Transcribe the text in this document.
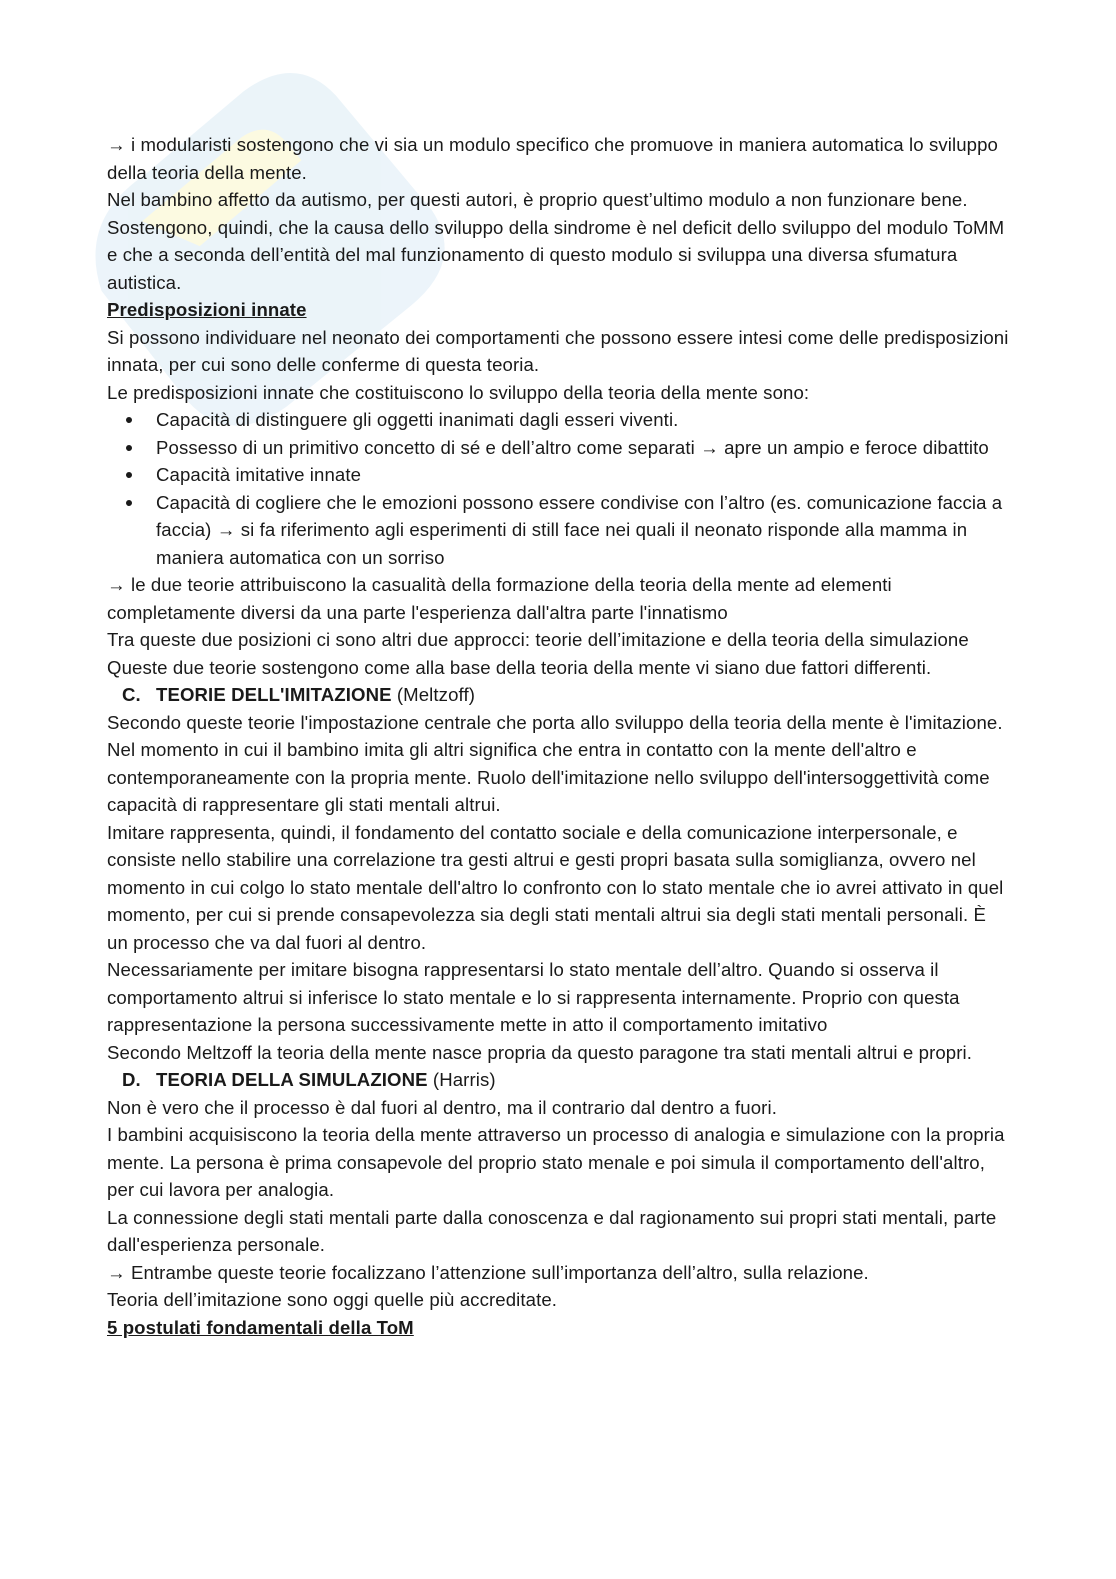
→ i modularisti sostengono che vi sia un modulo specifico che promuove in maniera automatica lo sviluppo della teoria della mente.

Nel bambino affetto da autismo, per questi autori, è proprio quest’ultimo modulo a non funzionare bene. Sostengono, quindi, che la causa dello sviluppo della sindrome è nel deficit dello sviluppo del modulo ToMM e che a seconda dell’entità del mal funzionamento di questo modulo si sviluppa una diversa sfumatura autistica.

Predisposizioni innate

Si possono individuare nel neonato dei comportamenti che possono essere intesi come delle predisposizioni innata, per cui sono delle conferme di questa teoria.

Le predisposizioni innate che costituiscono lo sviluppo della teoria della mente sono:

Capacità di distinguere gli oggetti inanimati dagli esseri viventi.
Possesso di un primitivo concetto di sé e dell’altro come separati → apre un ampio e feroce dibattito
Capacità imitative innate
Capacità di cogliere che le emozioni possono essere condivise con l’altro (es. comunicazione faccia a faccia) → si fa riferimento agli esperimenti di still face nei quali il neonato risponde alla mamma in maniera automatica con un sorriso

→ le due teorie attribuiscono la casualità della formazione della teoria della mente ad elementi completamente diversi da una parte l'esperienza dall'altra parte l'innatismo

Tra queste due posizioni ci sono altri due approcci: teorie dell’imitazione e della teoria della simulazione

Queste due teorie sostengono come alla base della teoria della mente vi siano due fattori differenti.

C. TEORIE DELL'IMITAZIONE (Meltzoff)

Secondo queste teorie l'impostazione centrale che porta allo sviluppo della teoria della mente è l'imitazione. Nel momento in cui il bambino imita gli altri significa che entra in contatto con la mente dell'altro e contemporaneamente con la propria mente. Ruolo dell'imitazione nello sviluppo dell'intersoggettività come capacità di rappresentare gli stati mentali altrui.

Imitare rappresenta, quindi, il fondamento del contatto sociale e della comunicazione interpersonale, e consiste nello stabilire una correlazione tra gesti altrui e gesti propri basata sulla somiglianza, ovvero nel momento in cui colgo lo stato mentale dell'altro lo confronto con lo stato mentale che io avrei attivato in quel momento, per cui si prende consapevolezza sia degli stati mentali altrui sia degli stati mentali personali. È un processo che va dal fuori al dentro.

Necessariamente per imitare bisogna rappresentarsi lo stato mentale dell’altro. Quando si osserva il comportamento altrui si inferisce lo stato mentale e lo si rappresenta internamente. Proprio con questa rappresentazione la persona successivamente mette in atto il comportamento imitativo

Secondo Meltzoff la teoria della mente nasce propria da questo paragone tra stati mentali altrui e propri.

D. TEORIA DELLA SIMULAZIONE (Harris)

Non è vero che il processo è dal fuori al dentro, ma il contrario dal dentro a fuori.

I bambini acquisiscono la teoria della mente attraverso un processo di analogia e simulazione con la propria mente. La persona è prima consapevole del proprio stato menale e poi simula il comportamento dell'altro, per cui lavora per analogia.

La connessione degli stati mentali parte dalla conoscenza e dal ragionamento sui propri stati mentali, parte dall'esperienza personale.

→ Entrambe queste teorie focalizzano l’attenzione sull’importanza dell’altro, sulla relazione.

Teoria dell’imitazione sono oggi quelle più accreditate.

5 postulati fondamentali della ToM
